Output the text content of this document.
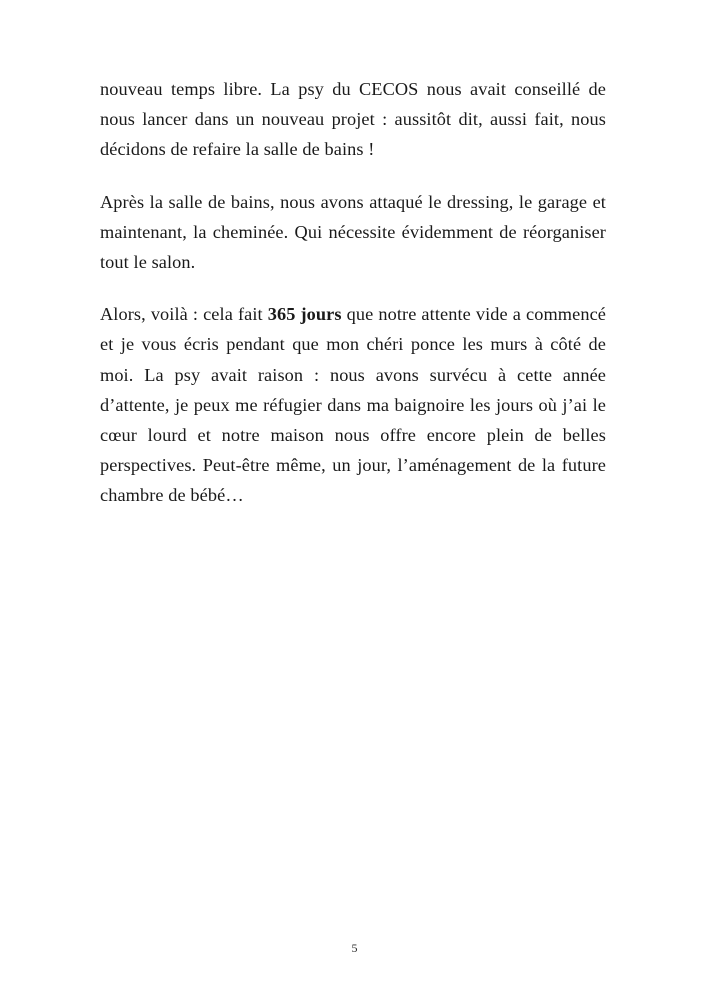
nouveau temps libre. La psy du CECOS nous avait conseillé de nous lancer dans un nouveau projet : aussitôt dit, aussi fait, nous décidons de refaire la salle de bains !

Après la salle de bains, nous avons attaqué le dressing, le garage et maintenant, la cheminée. Qui nécessite évidemment de réorganiser tout le salon.

Alors, voilà : cela fait 365 jours que notre attente vide a commencé et je vous écris pendant que mon chéri ponce les murs à côté de moi. La psy avait raison : nous avons survécu à cette année d’attente, je peux me réfugier dans ma baignoire les jours où j’ai le cœur lourd et notre maison nous offre encore plein de belles perspectives. Peut-être même, un jour, l’aménagement de la future chambre de bébé…

5
